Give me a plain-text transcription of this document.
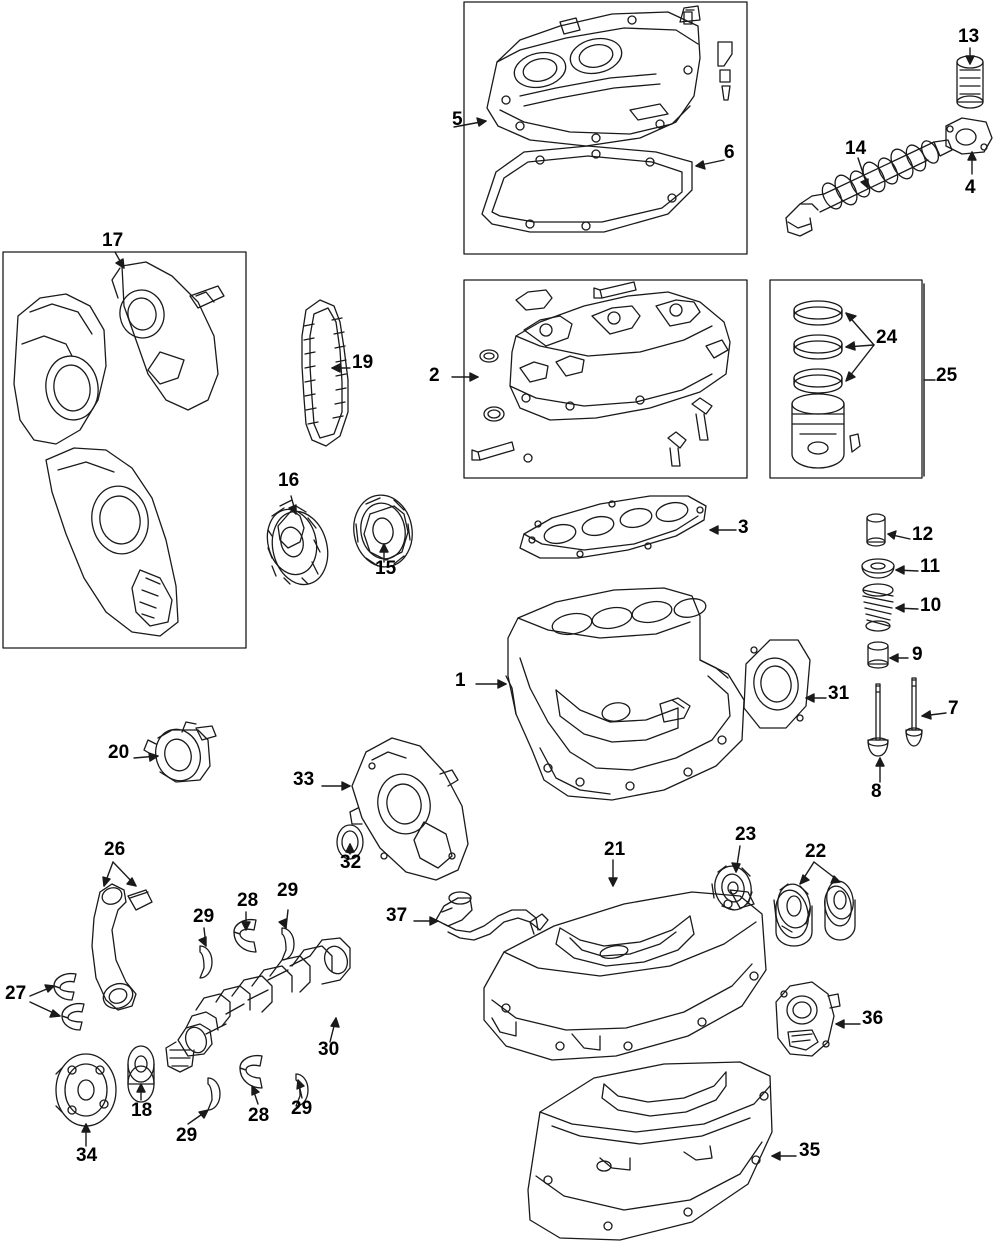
5
6
13
14
4
17
19
2
24
25
16
15
3	12
11
10
9
1
31
7
8
20
33
32
37
21
23
22
26
29
28 29
27
30
18
29
28 29
34
36
35
